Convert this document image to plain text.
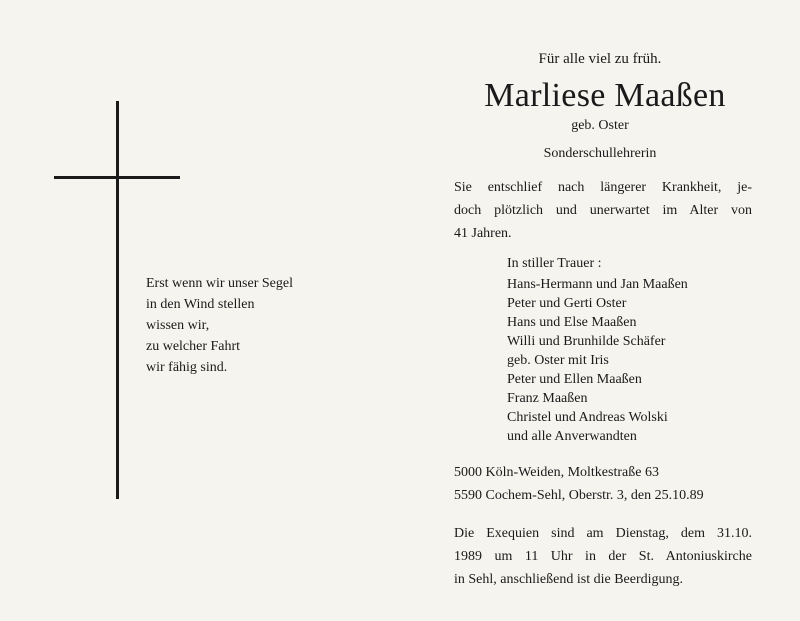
Erst wenn wir unser Segel
in den Wind stellen
wissen wir,
zu welcher Fahrt
wir fähig sind.
Für alle viel zu früh.
Marliese Maaßen
geb. Oster
Sonderschullehrerin
Sie entschlief nach längerer Krankheit, je-
doch plötzlich und unerwartet im Alter von
41 Jahren.
In stiller Trauer :
Hans-Hermann und Jan Maaßen
Peter und Gerti Oster
Hans und Else Maaßen
Willi und Brunhilde Schäfer
geb. Oster mit Iris
Peter und Ellen Maaßen
Franz Maaßen
Christel und Andreas Wolski
und alle Anverwandten
5000 Köln-Weiden, Moltkestraße 63
5590 Cochem-Sehl, Oberstr. 3, den 25.10.89
Die Exequien sind am Dienstag, dem 31.10.
1989 um 11 Uhr in der St. Antoniuskirche
in Sehl, anschließend ist die Beerdigung.
